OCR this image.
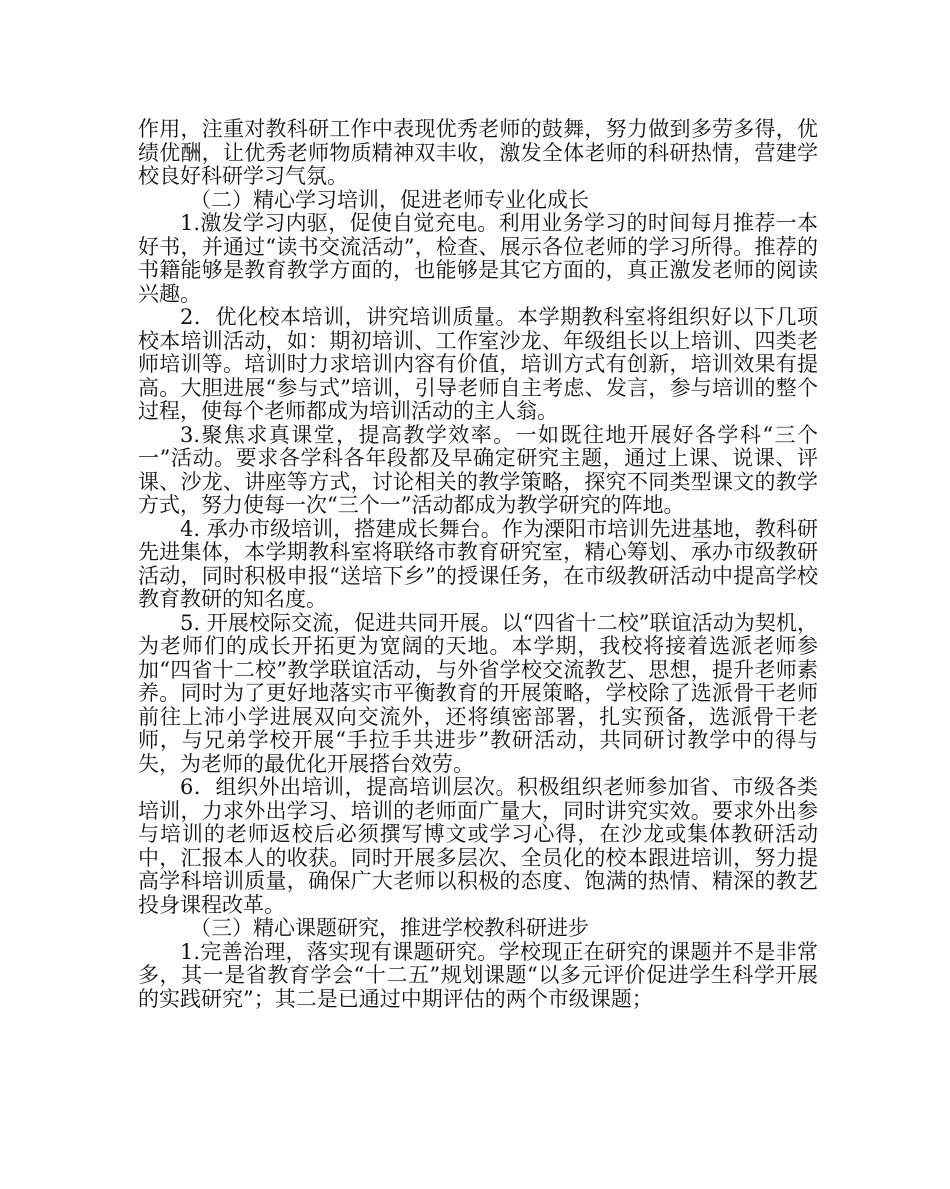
作用，注重对教科研工作中表现优秀老师的鼓舞，努力做到多劳多得，优绩优酬，让优秀老师物质精神双丰收，激发全体老师的科研热情，营建学校良好科研学习气氛。

（二）精心学习培训，促进老师专业化成长

1.激发学习内驱，促使自觉充电。利用业务学习的时间每月推荐一本好书，并通过“读书交流活动”，检查、展示各位老师的学习所得。推荐的书籍能够是教育教学方面的，也能够是其它方面的，真正激发老师的阅读兴趣。

2．优化校本培训，讲究培训质量。本学期教科室将组织好以下几项校本培训活动，如：期初培训、工作室沙龙、年级组长以上培训、四类老师培训等。培训时力求培训内容有价值，培训方式有创新，培训效果有提高。大胆进展“参与式”培训，引导老师自主考虑、发言，参与培训的整个过程，使每个老师都成为培训活动的主人翁。

3.聚焦求真课堂，提高教学效率。一如既往地开展好各学科“三个一”活动。要求各学科各年段都及早确定研究主题，通过上课、说课、评课、沙龙、讲座等方式，讨论相关的教学策略，探究不同类型课文的教学方式，努力使每一次“三个一”活动都成为教学研究的阵地。

4. 承办市级培训，搭建成长舞台。作为溧阳市培训先进基地，教科研先进集体，本学期教科室将联络市教育研究室，精心筹划、承办市级教研活动，同时积极申报“送培下乡”的授课任务，在市级教研活动中提高学校教育教研的知名度。

5. 开展校际交流，促进共同开展。以“四省十二校”联谊活动为契机，为老师们的成长开拓更为宽阔的天地。本学期，我校将接着选派老师参加“四省十二校”教学联谊活动，与外省学校交流教艺、思想，提升老师素养。同时为了更好地落实市平衡教育的开展策略，学校除了选派骨干老师前往上沛小学进展双向交流外，还将缜密部署，扎实预备，选派骨干老师，与兄弟学校开展“手拉手共进步”教研活动，共同研讨教学中的得与失，为老师的最优化开展搭台效劳。

6．组织外出培训，提高培训层次。积极组织老师参加省、市级各类培训，力求外出学习、培训的老师面广量大，同时讲究实效。要求外出参与培训的老师返校后必须撰写博文或学习心得，在沙龙或集体教研活动中，汇报本人的收获。同时开展多层次、全员化的校本跟进培训，努力提高学科培训质量，确保广大老师以积极的态度、饱满的热情、精深的教艺投身课程改革。

（三）精心课题研究，推进学校教科研进步

1.完善治理，落实现有课题研究。学校现正在研究的课题并不是非常多，其一是省教育学会“十二五”规划课题“以多元评价促进学生科学开展的实践研究”；其二是已通过中期评估的两个市级课题；
